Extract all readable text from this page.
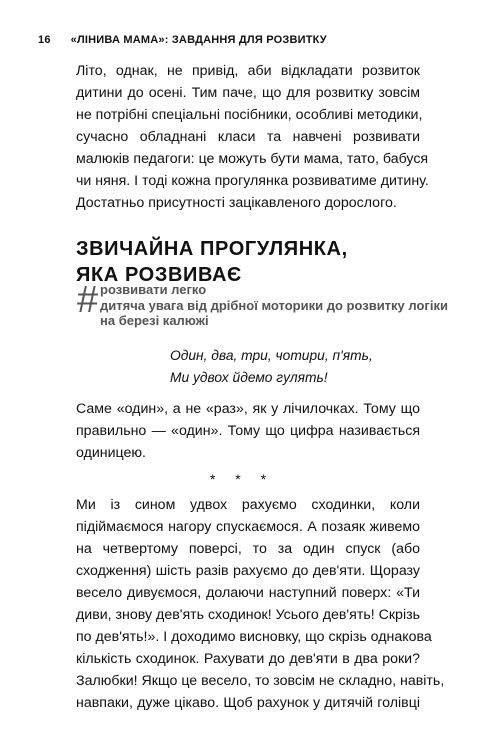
16 «ЛІНИВА МАМА»: ЗАВДАННЯ ДЛЯ РОЗВИТКУ
Літо, однак, не привід, аби відкладати розвиток
дитини до осені. Тим паче, що для розвитку зовсім
не потрібні спеціальні посібники, особливі методики,
сучасно обладнані класи та навчені розвивати
малюків педагоги: це можуть бути мама, тато, бабуся
чи няня. І тоді кожна прогулянка розвиватиме дитину.
Достатньо присутності зацікавленого дорослого.
ЗВИЧАЙНА ПРОГУЛЯНКА,
ЯКА РОЗВИВАЄ
# розвивати легко
дитяча увага від дрібної моторики до розвитку логіки
на березі калюжі
Один, два, три, чотири, п'ять,
Ми удвох йдемо гулять!
Саме «один», а не «раз», як у лічилочках. Тому що
правильно — «один». Тому що цифра називається
одиницею.
* * *
Ми із сином удвох рахуємо сходинки, коли
підіймаємося нагору спускаємося. А позаяк живемо
на четвертому поверсі, то за один спуск (або
сходження) шість разів рахуємо до дев'яти. Щоразу
весело дивуємося, долаючи наступний поверх: «Ти
диви, знову дев'ять сходинок! Усього дев'ять! Скрізь
по дев'ять!». І доходимо висновку, що скрізь однакова
кількість сходинок. Рахувати до дев'яти в два роки?
Залюбки! Якщо це весело, то зовсім не складно, навіть,
навпаки, дуже цікаво. Щоб рахунок у дитячій голівці
